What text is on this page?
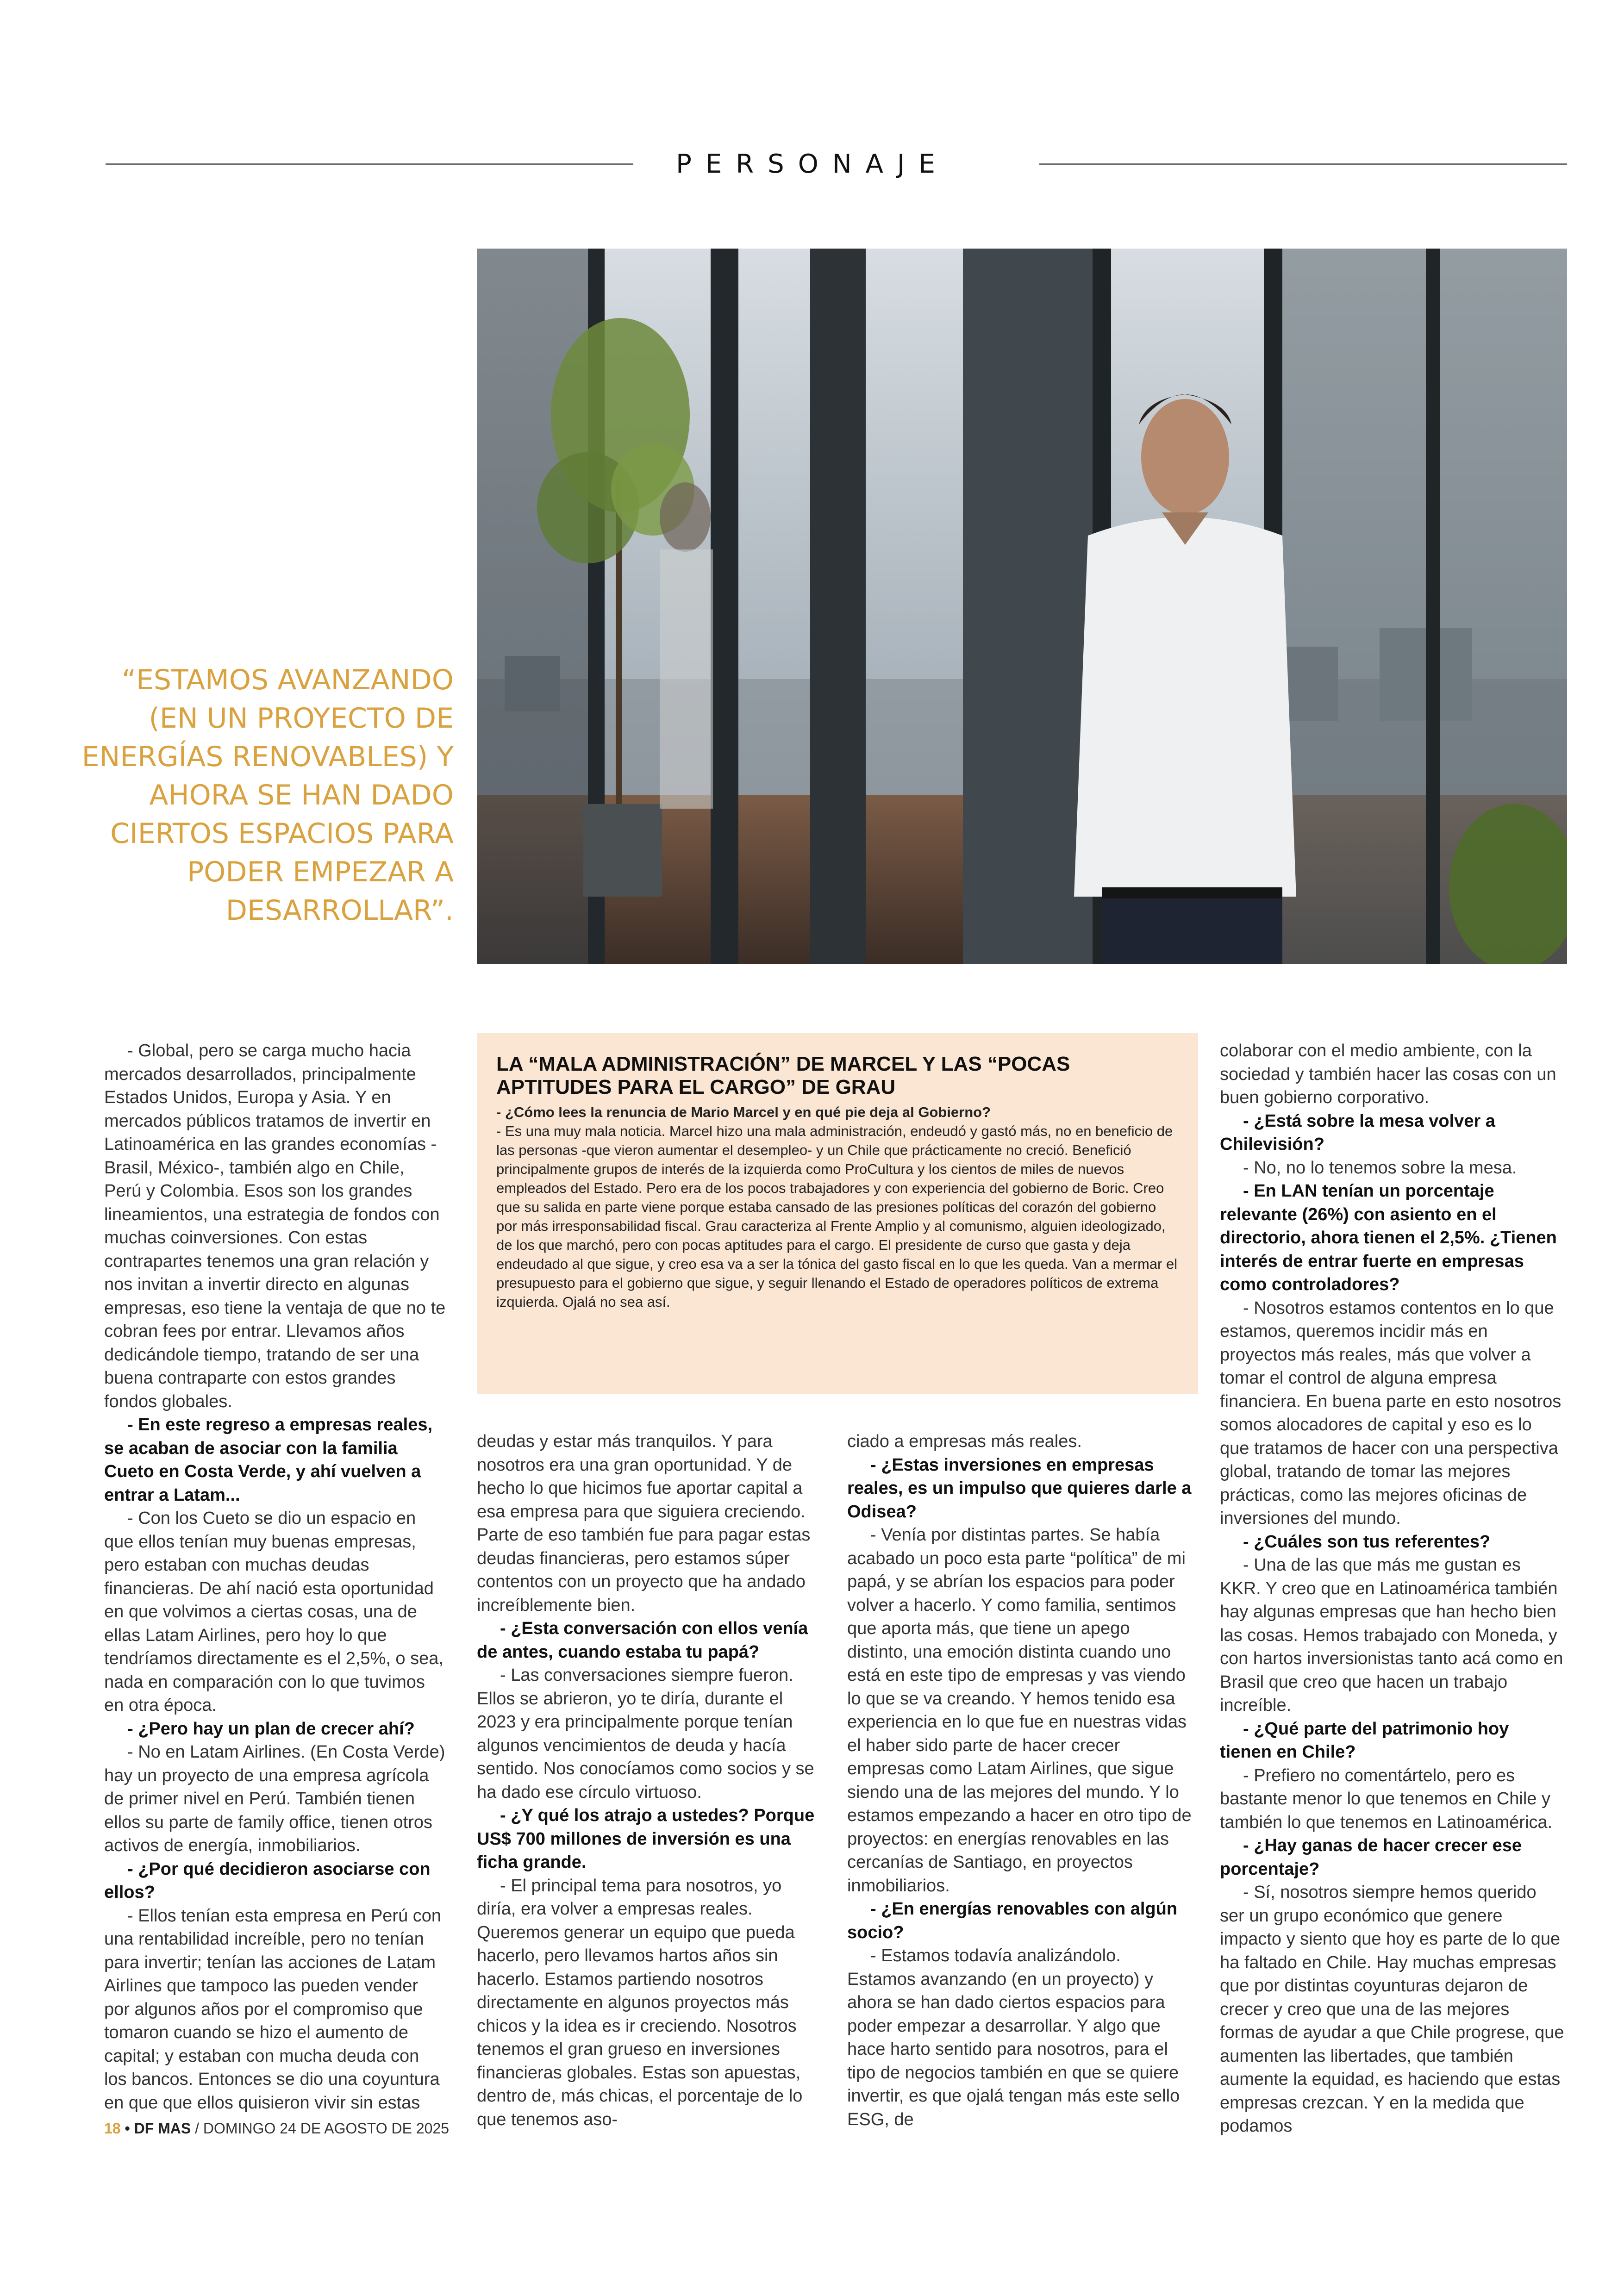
PERSONAJE
“ESTAMOS AVANZANDO (EN UN PROYECTO DE ENERGÍAS RENOVABLES) Y AHORA SE HAN DADO CIERTOS ESPACIOS PARA PODER EMPEZAR A DESARROLLAR”.
LA “MALA ADMINISTRACIÓN” DE MARCEL Y LAS “POCAS APTITUDES PARA EL CARGO” DE GRAU

- ¿Cómo lees la renuncia de Mario Marcel y en qué pie deja al Gobierno?

- Es una muy mala noticia. Marcel hizo una mala administración, endeudó y gastó más, no en beneficio de las personas -que vieron aumentar el desempleo- y un Chile que prácticamente no creció. Benefició principalmente grupos de interés de la izquierda como ProCultura y los cientos de miles de nuevos empleados del Estado. Pero era de los pocos trabajadores y con experiencia del gobierno de Boric. Creo que su salida en parte viene porque estaba cansado de las presiones políticas del corazón del gobierno por más irresponsabilidad fiscal. Grau caracteriza al Frente Amplio y al comunismo, alguien ideologizado, de los que marchó, pero con pocas aptitudes para el cargo. El presidente de curso que gasta y deja endeudado al que sigue, y creo esa va a ser la tónica del gasto fiscal en lo que les queda. Van a mermar el presupuesto para el gobierno que sigue, y seguir llenando el Estado de operadores políticos de extrema izquierda. Ojalá no sea así.

- Global, pero se carga mucho hacia mercados desarrollados, principalmente Estados Unidos, Europa y Asia. Y en mercados públicos tratamos de invertir en Latinoamérica en las grandes economías -Brasil, México-, también algo en Chile, Perú y Colombia. Esos son los grandes lineamientos, una estrategia de fondos con muchas coinversiones. Con estas contrapartes tenemos una gran relación y nos invitan a invertir directo en algunas empresas, eso tiene la ventaja de que no te cobran fees por entrar. Llevamos años dedicándole tiempo, tratando de ser una buena contraparte con estos grandes fondos globales.

- En este regreso a empresas reales, se acaban de asociar con la familia Cueto en Costa Verde, y ahí vuelven a entrar a Latam...

- Con los Cueto se dio un espacio en que ellos tenían muy buenas empresas, pero estaban con muchas deudas financieras. De ahí nació esta oportunidad en que volvimos a ciertas cosas, una de ellas Latam Airlines, pero hoy lo que tendríamos directamente es el 2,5%, o sea, nada en comparación con lo que tuvimos en otra época.

- ¿Pero hay un plan de crecer ahí?

- No en Latam Airlines. (En Costa Verde) hay un proyecto de una empresa agrícola de primer nivel en Perú. También tienen ellos su parte de family office, tienen otros activos de energía, inmobiliarios.

- ¿Por qué decidieron asociarse con ellos?

- Ellos tenían esta empresa en Perú con una rentabilidad increíble, pero no tenían para invertir; tenían las acciones de Latam Airlines que tampoco las pueden vender por algunos años por el compromiso que tomaron cuando se hizo el aumento de capital; y estaban con mucha deuda con los bancos. Entonces se dio una coyuntura en que que ellos quisieron vivir sin estas

deudas y estar más tranquilos. Y para nosotros era una gran oportunidad. Y de hecho lo que hicimos fue aportar capital a esa empresa para que siguiera creciendo. Parte de eso también fue para pagar estas deudas financieras, pero estamos súper contentos con un proyecto que ha andado increíblemente bien.

- ¿Esta conversación con ellos venía de antes, cuando estaba tu papá?

- Las conversaciones siempre fueron. Ellos se abrieron, yo te diría, durante el 2023 y era principalmente porque tenían algunos vencimientos de deuda y hacía sentido. Nos conocíamos como socios y se ha dado ese círculo virtuoso.

- ¿Y qué los atrajo a ustedes? Porque US$ 700 millones de inversión es una ficha grande.

- El principal tema para nosotros, yo diría, era volver a empresas reales. Queremos generar un equipo que pueda hacerlo, pero llevamos hartos años sin hacerlo. Estamos partiendo nosotros directamente en algunos proyectos más chicos y la idea es ir creciendo. Nosotros tenemos el gran grueso en inversiones financieras globales. Estas son apuestas, dentro de, más chicas, el porcentaje de lo que tenemos aso-

ciado a empresas más reales.

- ¿Estas inversiones en empresas reales, es un impulso que quieres darle a Odisea?

- Venía por distintas partes. Se había acabado un poco esta parte “política” de mi papá, y se abrían los espacios para poder volver a hacerlo. Y como familia, sentimos que aporta más, que tiene un apego distinto, una emoción distinta cuando uno está en este tipo de empresas y vas viendo lo que se va creando. Y hemos tenido esa experiencia en lo que fue en nuestras vidas el haber sido parte de hacer crecer empresas como Latam Airlines, que sigue siendo una de las mejores del mundo. Y lo estamos empezando a hacer en otro tipo de proyectos: en energías renovables en las cercanías de Santiago, en proyectos inmobiliarios.

- ¿En energías renovables con algún socio?

- Estamos todavía analizándolo. Estamos avanzando (en un proyecto) y ahora se han dado ciertos espacios para poder empezar a desarrollar. Y algo que hace harto sentido para nosotros, para el tipo de negocios también en que se quiere invertir, es que ojalá tengan más este sello ESG, de

colaborar con el medio ambiente, con la sociedad y también hacer las cosas con un buen gobierno corporativo.

- ¿Está sobre la mesa volver a Chilevisión?

- No, no lo tenemos sobre la mesa.

- En LAN tenían un porcentaje relevante (26%) con asiento en el directorio, ahora tienen el 2,5%. ¿Tienen interés de entrar fuerte en empresas como controladores?

- Nosotros estamos contentos en lo que estamos, queremos incidir más en proyectos más reales, más que volver a tomar el control de alguna empresa financiera. En buena parte en esto nosotros somos alocadores de capital y eso es lo que tratamos de hacer con una perspectiva global, tratando de tomar las mejores prácticas, como las mejores oficinas de inversiones del mundo.

- ¿Cuáles son tus referentes?

- Una de las que más me gustan es KKR. Y creo que en Latinoamérica también hay algunas empresas que han hecho bien las cosas. Hemos trabajado con Moneda, y con hartos inversionistas tanto acá como en Brasil que creo que hacen un trabajo increíble.

- ¿Qué parte del patrimonio hoy tienen en Chile?

- Prefiero no comentártelo, pero es bastante menor lo que tenemos en Chile y también lo que tenemos en Latinoamérica.

- ¿Hay ganas de hacer crecer ese porcentaje?

- Sí, nosotros siempre hemos querido ser un grupo económico que genere impacto y siento que hoy es parte de lo que ha faltado en Chile. Hay muchas empresas que por distintas coyunturas dejaron de crecer y creo que una de las mejores formas de ayudar a que Chile progrese, que aumenten las libertades, que también aumente la equidad, es haciendo que estas empresas crezcan. Y en la medida que podamos

18 • DF MAS / DOMINGO 24 DE AGOSTO DE 2025
